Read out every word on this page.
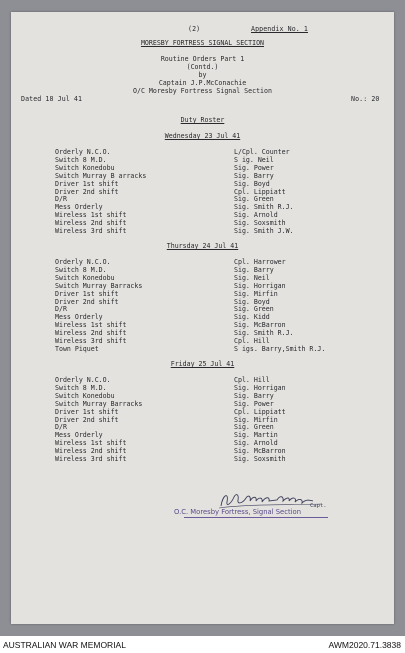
(2)	Appendix No. 1
MORESBY FORTRESS SIGNAL SECTION
Routine Orders Part 1
(Contd.)
by
Captain J.P.McConachie
O/C Moresby Fortress Signal Section
Dated 18 Jul 41	No.: 20
Duty Roster
Wednesday 23 Jul 41
Orderly N.C.O.	L/Cpl. Counter
Switch 8 M.D.	S ig. Neil
Switch Konedobu	Sig. Power
Switch Murray B arracks	Sig. Barry
Driver 1st shift	Sig. Boyd
Driver 2nd shift	Cpl. Lippiatt
D/R	Sig. Green
Mess Orderly	Sig. Smith R.J.
Wireless 1st shift	Sig. Arnold
Wireless 2nd shift	Sig. Soxsmith
Wireless 3rd shift	Sig. Smith J.W.
Thursday 24 Jul 41
Orderly N.C.O.	Cpl. Harrower
Switch 8 M.D.	Sig. Barry
Switch Konedobu	Sig. Neil
Switch Murray Barracks	Sig. Horrigan
Driver 1st shift	Sig. Mirfin
Driver 2nd shift	Sig. Boyd
D/R	Sig. Green
Mess Orderly	Sig. Kidd
Wireless 1st shift	Sig. McBarron
Wireless 2nd shift	Sig. Smith R.J.
Wireless 3rd shift	Cpl. Hill
Town Piquet	S igs. Barry,Smith R.J.
Friday 25 Jul 41
Orderly N.C.O.	Cpl. Hill
Switch 8 M.D.	Sig. Horrigan
Switch Konedobu	Sig. Barry
Switch Murray Barracks	Sig. Power
Driver 1st shift	Cpl. Lippiatt
Driver 2nd shift	Sig. Mirfin
D/R	Sig. Green
Mess Orderly	Sig. Martin
Wireless 1st shift	Sig. Arnold
Wireless 2nd shift	Sig. McBarron
Wireless 3rd shift	Sig. Soxsmith
Capt.
O.C. Moresby Fortress, Signal Section
AUSTRALIAN WAR MEMORIAL	AWM2020.71.3838
